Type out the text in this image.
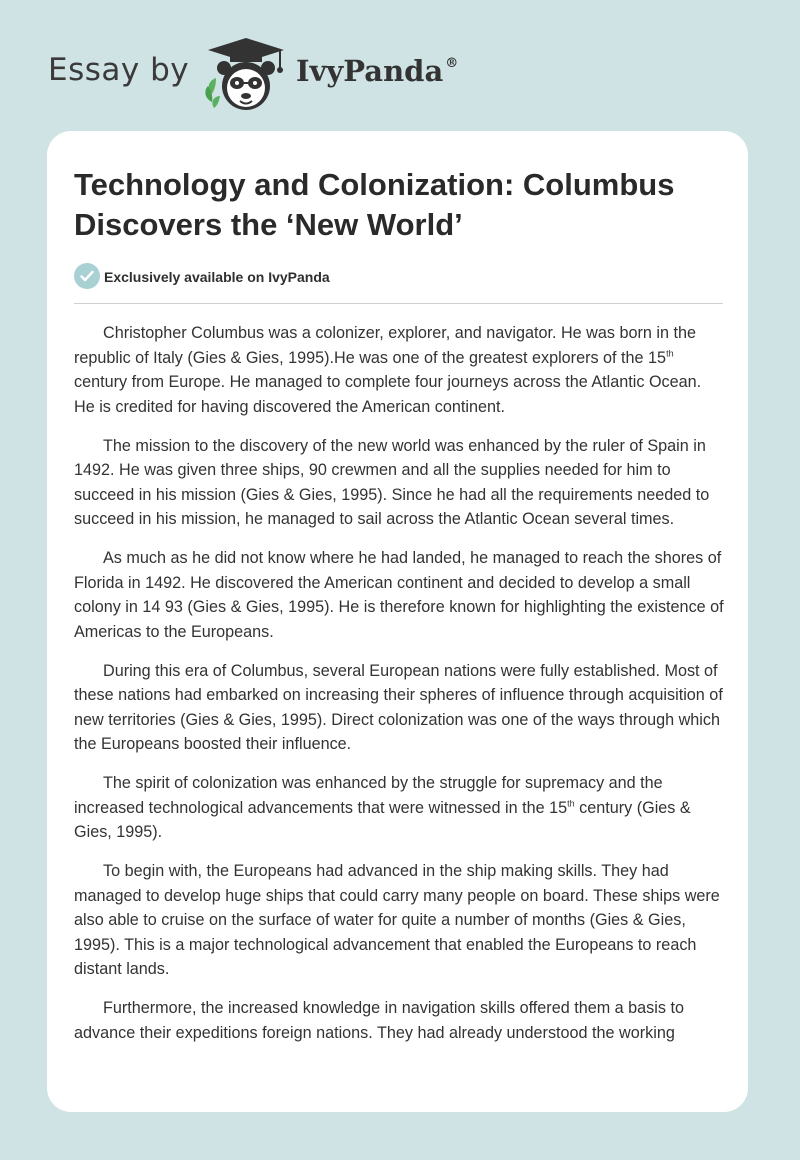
Essay by	IvyPanda ®
Technology and Colonization: Columbus Discovers the ‘New World’
Exclusively available on IvyPanda

Christopher Columbus was a colonizer, explorer, and navigator. He was born in the republic of Italy (Gies & Gies, 1995).He was one of the greatest explorers of the 15th century from Europe. He managed to complete four journeys across the Atlantic Ocean. He is credited for having discovered the American continent.

The mission to the discovery of the new world was enhanced by the ruler of Spain in 1492. He was given three ships, 90 crewmen and all the supplies needed for him to succeed in his mission (Gies & Gies, 1995). Since he had all the requirements needed to succeed in his mission, he managed to sail across the Atlantic Ocean several times.

As much as he did not know where he had landed, he managed to reach the shores of Florida in 1492. He discovered the American continent and decided to develop a small colony in 14 93 (Gies & Gies, 1995). He is therefore known for highlighting the existence of Americas to the Europeans.

During this era of Columbus, several European nations were fully established. Most of these nations had embarked on increasing their spheres of influence through acquisition of new territories (Gies & Gies, 1995). Direct colonization was one of the ways through which the Europeans boosted their influence.

The spirit of colonization was enhanced by the struggle for supremacy and the increased technological advancements that were witnessed in the 15th century (Gies & Gies, 1995).

To begin with, the Europeans had advanced in the ship making skills. They had managed to develop huge ships that could carry many people on board. These ships were also able to cruise on the surface of water for quite a number of months (Gies & Gies, 1995). This is a major technological advancement that enabled the Europeans to reach distant lands.

Furthermore, the increased knowledge in navigation skills offered them a basis to advance their expeditions foreign nations. They had already understood the working
